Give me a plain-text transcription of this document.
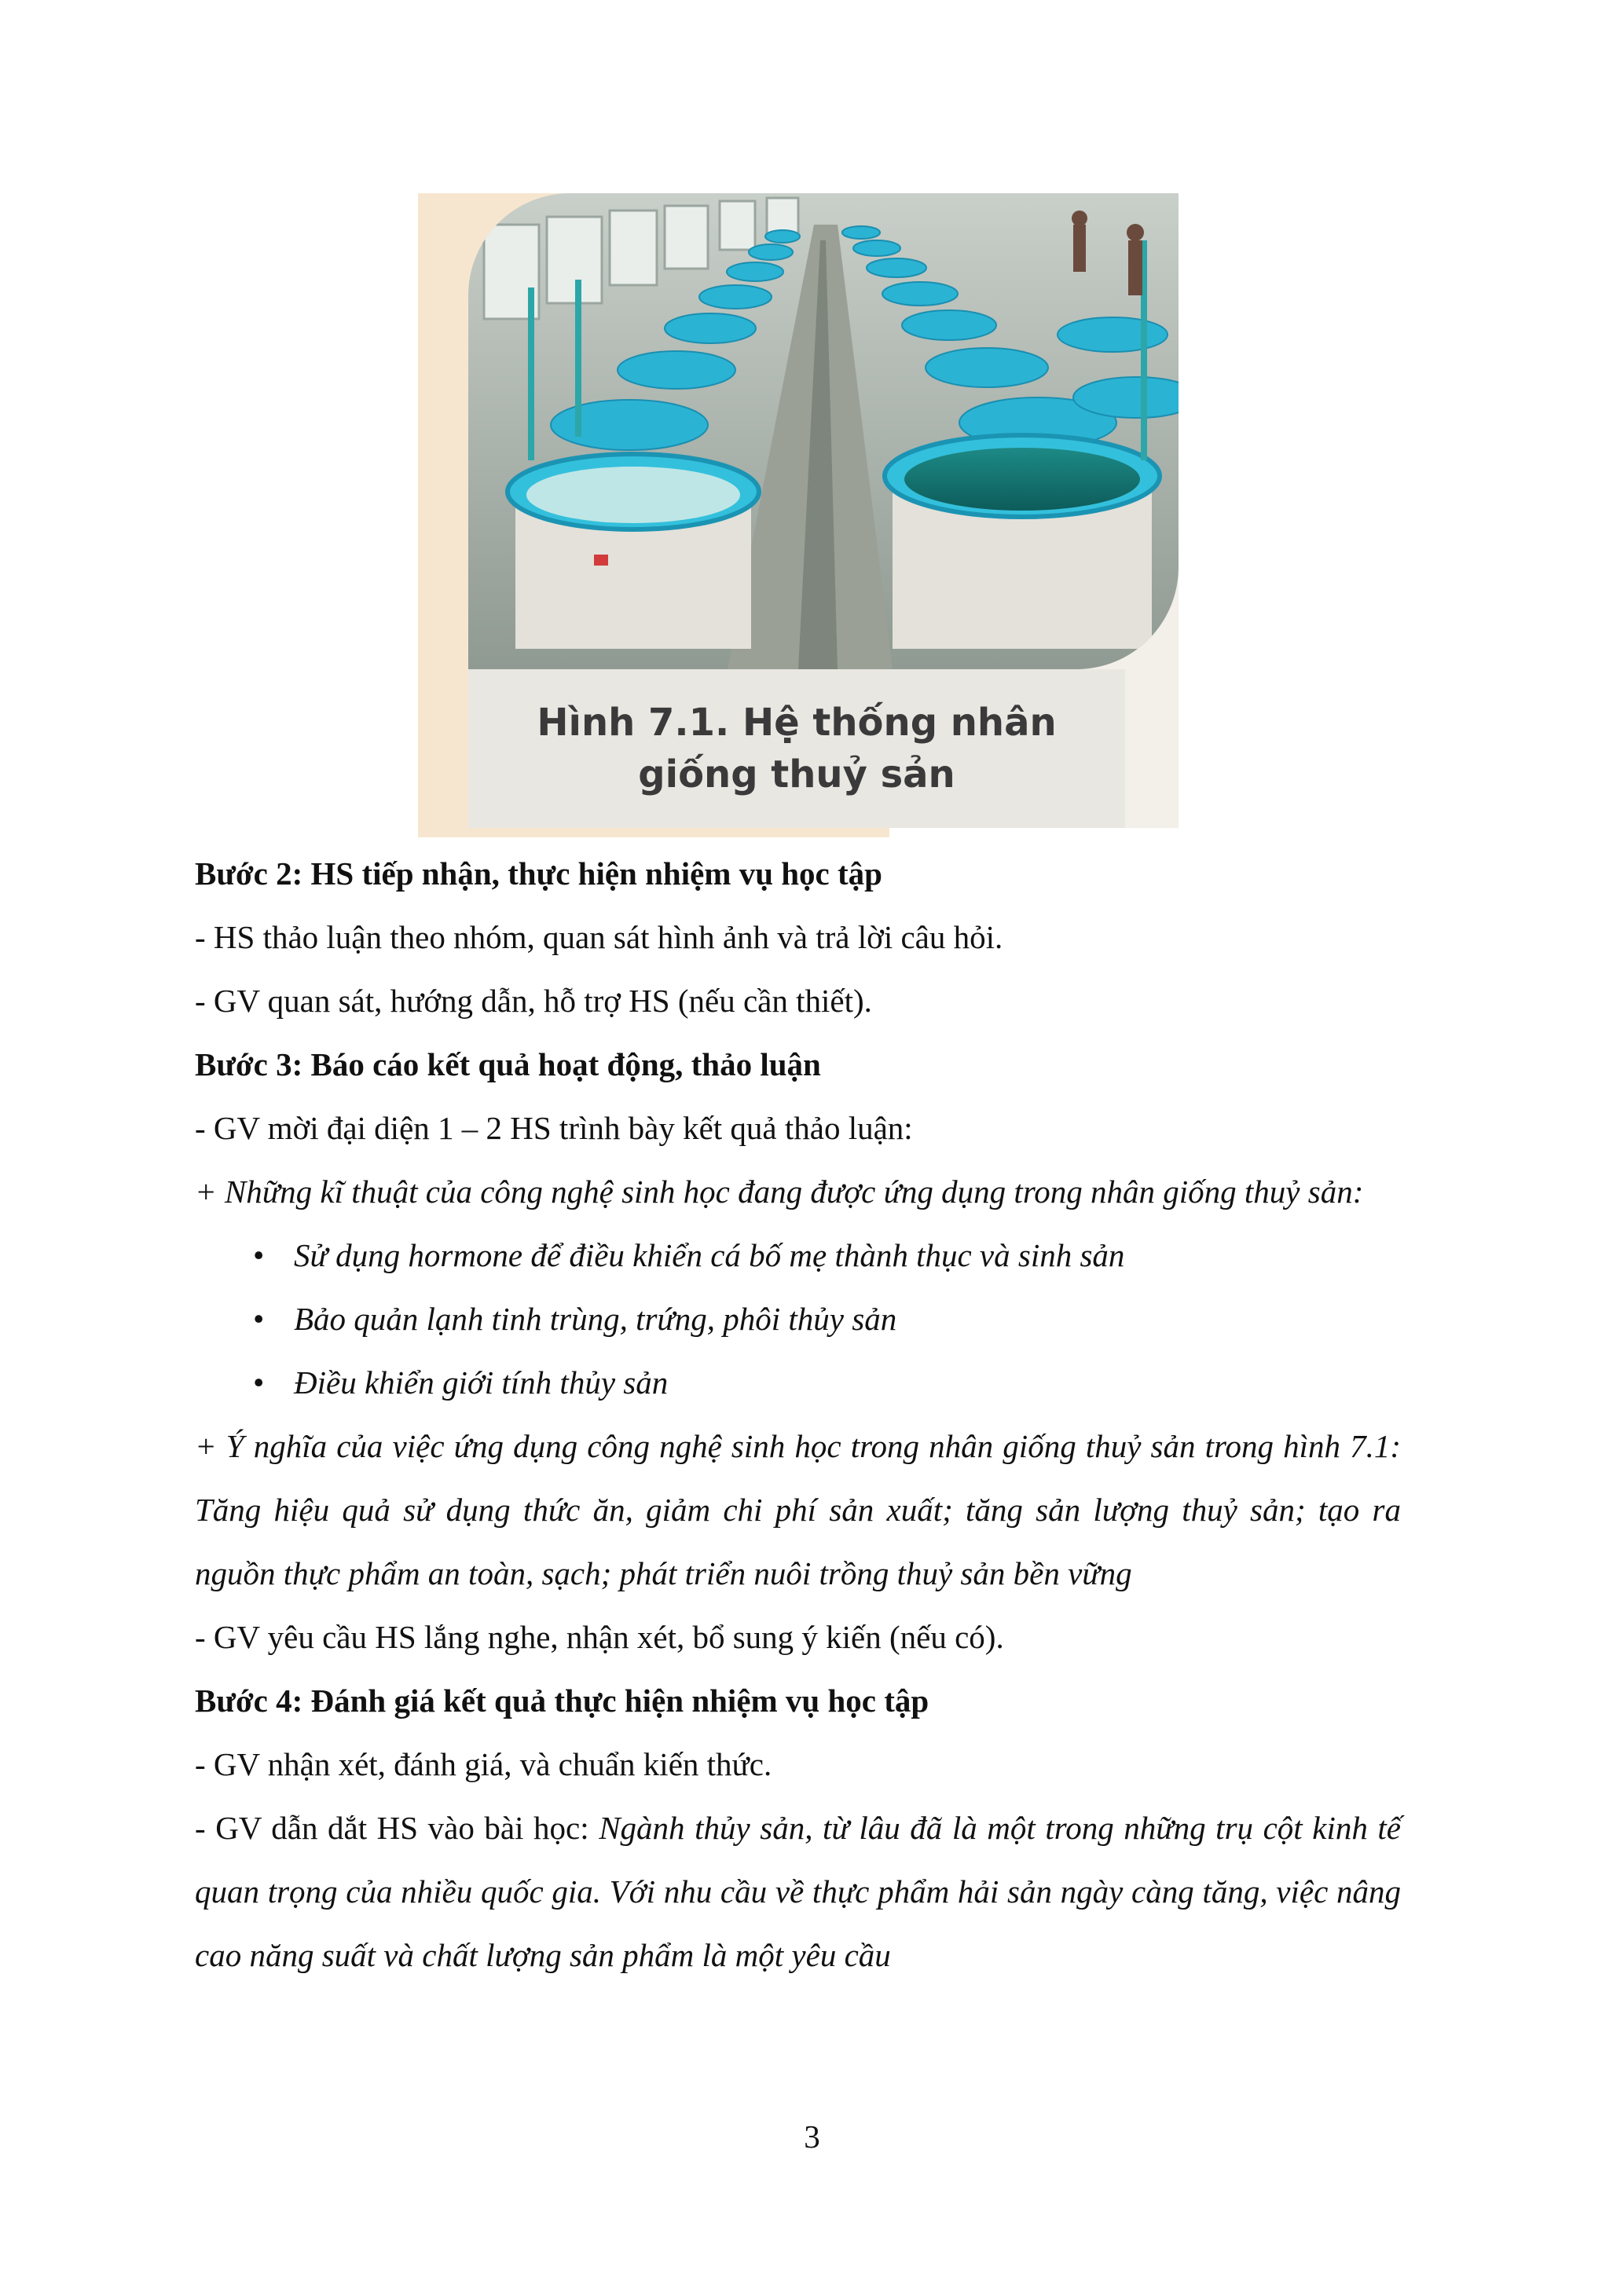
Hình 7.1. Hệ thống nhân giống thuỷ sản
Bước 2: HS tiếp nhận, thực hiện nhiệm vụ học tập
- HS thảo luận theo nhóm, quan sát hình ảnh và trả lời câu hỏi.
- GV quan sát, hướng dẫn, hỗ trợ HS (nếu cần thiết).
Bước 3: Báo cáo kết quả hoạt động, thảo luận
- GV mời đại diện 1 – 2 HS trình bày kết quả thảo luận:
+ Những kĩ thuật của công nghệ sinh học đang được ứng dụng trong nhân giống thuỷ sản:
• Sử dụng hormone để điều khiển cá bố mẹ thành thục và sinh sản
• Bảo quản lạnh tinh trùng, trứng, phôi thủy sản
• Điều khiển giới tính thủy sản
+ Ý nghĩa của việc ứng dụng công nghệ sinh học trong nhân giống thuỷ sản trong hình 7.1: Tăng hiệu quả sử dụng thức ăn, giảm chi phí sản xuất; tăng sản lượng thuỷ sản; tạo ra nguồn thực phẩm an toàn, sạch; phát triển nuôi trồng thuỷ sản bền vững
- GV yêu cầu HS lắng nghe, nhận xét, bổ sung ý kiến (nếu có).
Bước 4: Đánh giá kết quả thực hiện nhiệm vụ học tập
- GV nhận xét, đánh giá, và chuẩn kiến thức.
- GV dẫn dắt HS vào bài học: Ngành thủy sản, từ lâu đã là một trong những trụ cột kinh tế quan trọng của nhiều quốc gia. Với nhu cầu về thực phẩm hải sản ngày càng tăng, việc nâng cao năng suất và chất lượng sản phẩm là một yêu cầu
3
